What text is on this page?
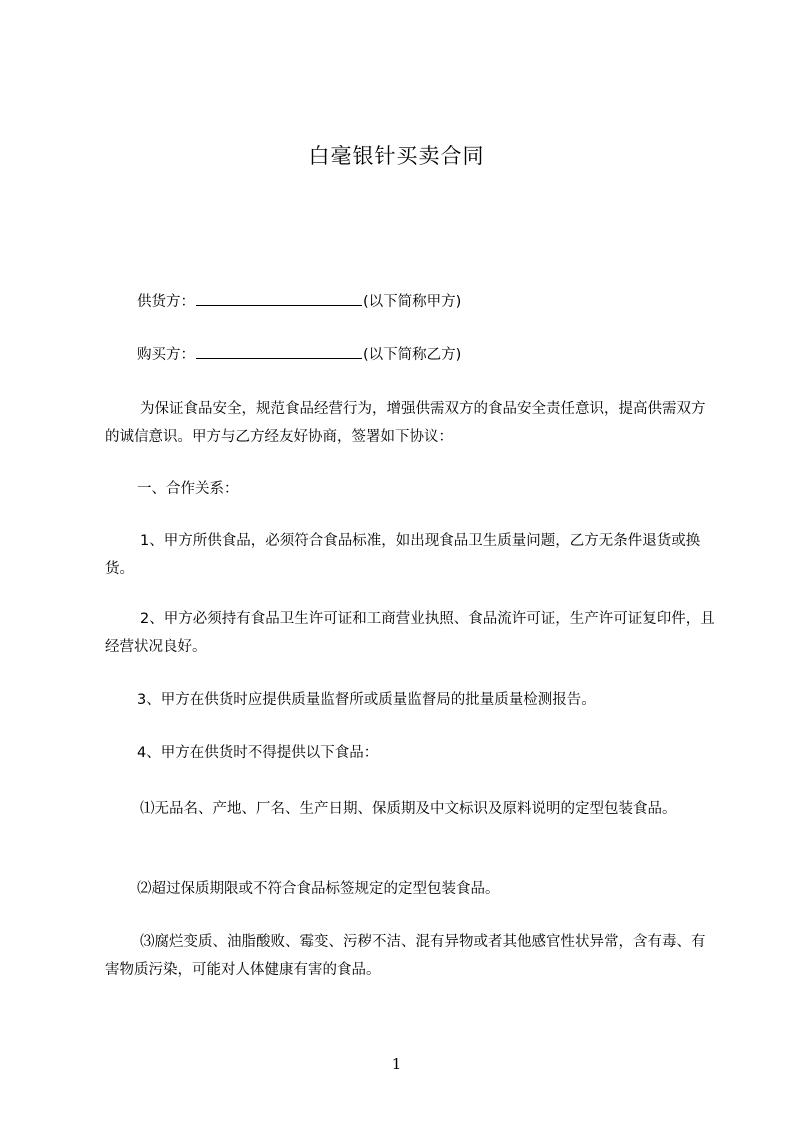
白毫银针买卖合同
供货方：	(以下简称甲方)
购买方：	(以下简称乙方)
为保证食品安全，规范食品经营行为，增强供需双方的食品安全责任意识，提高供需双方的诚信意识。甲方与乙方经友好协商，签署如下协议：
一、合作关系：
1、甲方所供食品，必须符合食品标准，如出现食品卫生质量问题，乙方无条件退货或换货。
2、甲方必须持有食品卫生许可证和工商营业执照、食品流许可证，生产许可证复印件，且经营状况良好。
3、甲方在供货时应提供质量监督所或质量监督局的批量质量检测报告。
4、甲方在供货时不得提供以下食品：
⑴无品名、产地、厂名、生产日期、保质期及中文标识及原料说明的定型包装食品。
⑵超过保质期限或不符合食品标签规定的定型包装食品。
⑶腐烂变质、油脂酸败、霉变、污秽不洁、混有异物或者其他感官性状异常，含有毒、有害物质污染，可能对人体健康有害的食品。
1
